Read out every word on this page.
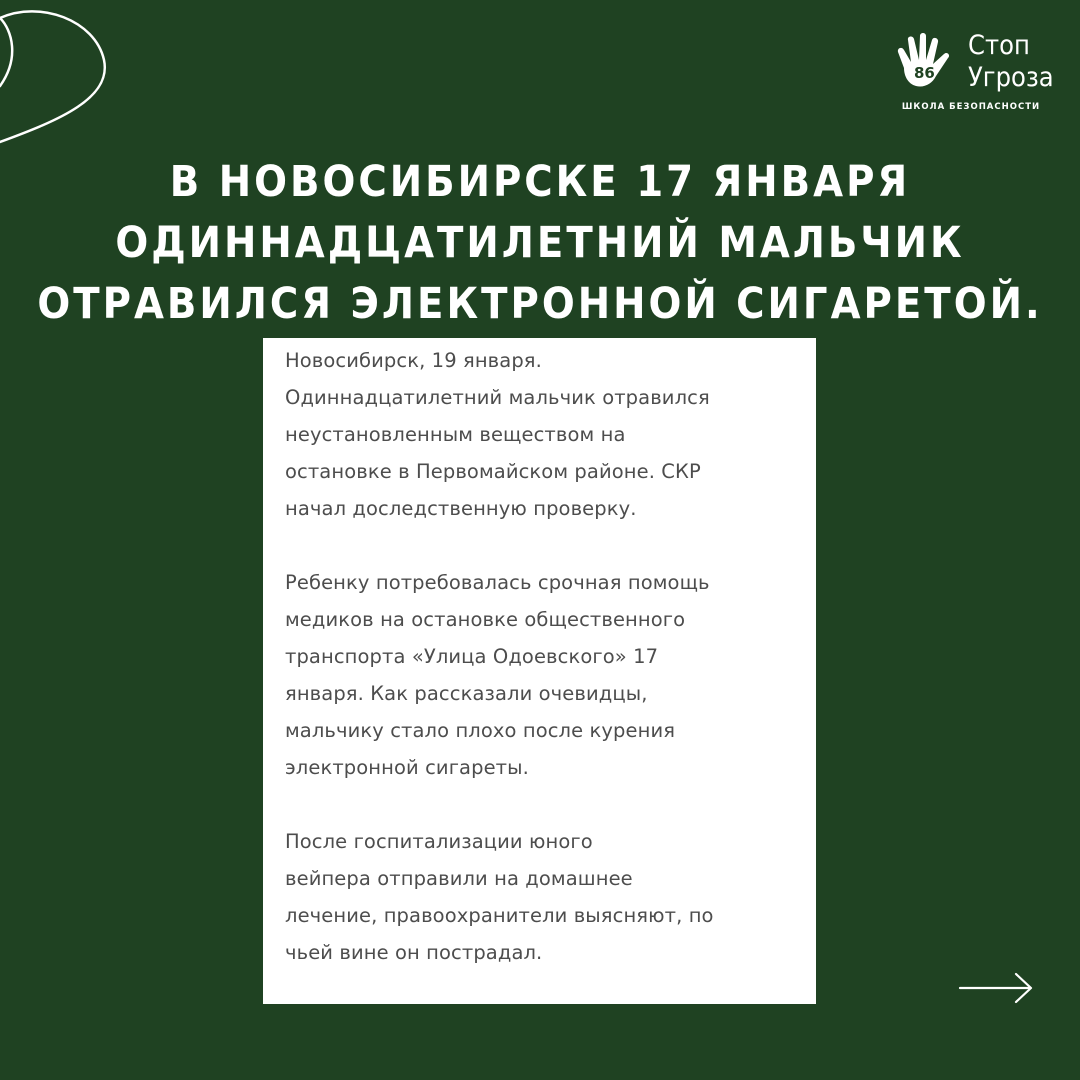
86
Стоп
Угроза
ШКОЛА БЕЗОПАСНОСТИ
В НОВОСИБИРСКЕ 17 ЯНВАРЯ
ОДИННАДЦАТИЛЕТНИЙ МАЛЬЧИК
ОТРАВИЛСЯ ЭЛЕКТРОННОЙ СИГАРЕТОЙ.

Новосибирск, 19 января.
Одиннадцатилетний мальчик отравился
неустановленным веществом на
остановке в Первомайском районе. СКР
начал доследственную проверку.

Ребенку потребовалась срочная помощь
медиков на остановке общественного
транспорта «Улица Одоевского» 17
января. Как рассказали очевидцы,
мальчику стало плохо после курения
электронной сигареты.

После госпитализации юного
вейпера отправили на домашнее
лечение, правоохранители выясняют, по
чьей вине он пострадал.
